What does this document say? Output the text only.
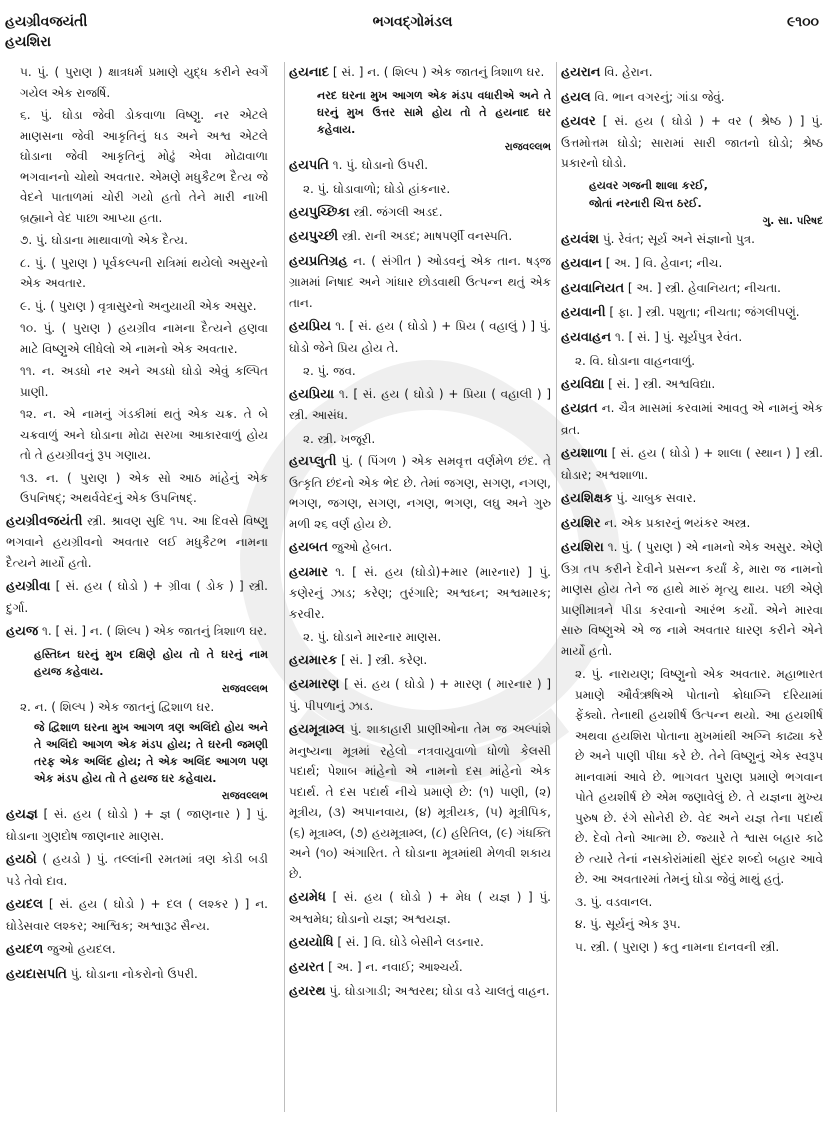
હયગ્રીવજયંતી
હયશિરા
ભગવદ્ગોમંડલ	૯૧૦૦
૫. પું. ( પુરાણ ) ક્ષાત્રધર્મ પ્રમાણે યુદ્ધ કરીને સ્વર્ગે ગયેલ એક રાજર્ષિ.
૬. પું. ઘોડા જેવી ડોકવાળા વિષ્ણુ. નર એટલે માણસના જેવી આકૃતિનું ધડ અને અશ્વ એટલે ઘોડાના જેવી આકૃતિનું મોઢું એવા મોઢાવાળા ભગવાનનો ચોથો અવતાર. એમણે મધુકૈટભ દૈત્ય જે વેદને પાતાળમાં ચોરી ગયો હતો તેને મારી નાખી બ્રહ્માને વેદ પાછા આપ્યા હતા.
૭. પું. ઘોડાના માથાવાળો એક દૈત્ય.
૮. પું. ( પુરાણ ) પૂર્વકલ્પની રાત્રિમાં થયેલો અસુરનો એક અવતાર.
૯. પું. ( પુરાણ ) વૃત્રાસુરનો અનુયાયી એક અસુર.
૧૦. પું. ( પુરાણ ) હયગ્રીવ નામના દૈત્યને હણવા માટે વિષ્ણુએ લીધેલો એ નામનો એક અવતાર.
૧૧. ન. અડધો નર અને અડધો ઘોડો એવું કલ્પિત પ્રાણી.
૧૨. ન. એ નામનું ગંડકીમાં થતું એક ચક્ર. તે બે ચક્રવાળું અને ઘોડાના મોઢા સરખા આકારવાળું હોય તો તે હયગ્રીવનું રૂપ ગણાય.
૧૩. ન. ( પુરાણ ) એક સો આઠ માંહેનું એક ઉપનિષદ્; અથર્વવેદનું એક ઉપનિષદ્.
હયગ્રીવજયંતી સ્ત્રી. શ્રાવણ સુદિ ૧૫. આ દિવસે વિષ્ણુ ભગવાને હયગ્રીવનો અવતાર લઈ મધુકૈટભ નામના દૈત્યને માર્યો હતો.
હયગ્રીવા [ સં. હય ( ઘોડો ) + ગ્રીવા ( ડોક ) ] સ્ત્રી. દુર્ગા.
હયજ ૧. [ સં. ] ન. ( શિલ્પ ) એક જાતનું ત્રિશાળ ઘર.
હસ્તિઘ્ન ઘરનું મુખ દક્ષિણે હોય તો તે ઘરનું નામ હયજ કહેવાય.
રાજવલ્લભ
૨. ન. ( શિલ્પ ) એક જાતનું દ્વિશાળ ઘર.
જે દ્વિશાળ ઘરના મુખ આગળ ત્રણ અલિંદો હોય અને તે અલિંદો આગળ એક મંડપ હોય; તે ઘરની જમણી તરફ એક અલિંદ હોય; તે એક અલિંદ આગળ પણ એક મંડપ હોય તો તે હયજ ઘર કહેવાય.
રાજવલ્લભ
હયજ્ઞ [ સં. હય ( ઘોડો ) + જ્ઞ ( જાણનાર ) ] પું. ઘોડાના ગુણદોષ જાણનાર માણસ.
હયઠો ( હયડો ) પું. તલ્લાંની રમતમાં ત્રણ કોડી બડી પડે તેવો દાવ.
હયદલ [ સં. હય ( ઘોડો ) + દલ ( લશ્કર ) ] ન. ઘોડેસવાર લશ્કર; આશ્વિક; અશ્વારૂઢ સૈન્ય.
હયદળ જુઓ હયદલ.
હયદાસપતિ પું. ઘોડાના નોકરોનો ઉપરી.
હયનાદ [ સં. ] ન. ( શિલ્પ ) એક જાતનું ત્રિશાળ ઘર.
નરદ ઘરના મુખ આગળ એક મંડપ વધારીએ અને તે ઘરનું મુખ ઉત્તર સામે હોય તો તે હયનાદ ઘર કહેવાય.
રાજવલ્લભ
હયપતિ ૧. પું. ઘોડાનો ઉપરી.
૨. પું. ઘોડાવાળો; ઘોડો હાંકનાર.
હયપુચ્છિકા સ્ત્રી. જંગલી અડદ.
હયપુચ્છી સ્ત્રી. રાની અડદ; માષપર્ણી વનસ્પતિ.
હયપ્રતિગ્રહ ન. ( સંગીત ) ઓડવનું એક તાન. ષડ્જ ગ્રામમાં નિષાદ અને ગાંધાર છોડવાથી ઉત્પન્ન થતું એક તાન.
હયપ્રિય ૧. [ સં. હય ( ઘોડો ) + પ્રિય ( વહાલું ) ] પું. ઘોડો જેને પ્રિય હોય તે.
૨. પું. જવ.
હયપ્રિયા ૧. [ સં. હય ( ઘોડો ) + પ્રિયા ( વહાલી ) ] સ્ત્રી. આસંધ.
૨. સ્ત્રી. ખજૂરી.
હયપ્લુતી પું. ( પિંગળ ) એક સમવૃત્ત વર્ણમેળ છંદ. તે ઉત્કૃતિ છંદનો એક ભેદ છે. તેમાં જગણ, સગણ, નગણ, ભગણ, જગણ, સગણ, નગણ, ભગણ, લઘુ અને ગુરુ મળી ૨૬ વર્ણ હોય છે.
હયબત જુઓ હેબત.
હયમાર ૧. [ સં. હય (ઘોડો)+માર (મારનાર) ] પું. કણેરનું ઝાડ; કરેણ; તુરંગારિ; અશ્વઘ્ન; અશ્વમારક; કરવીર.
૨. પું. ઘોડાને મારનાર માણસ.
હયમારક [ સં. ] સ્ત્રી. કરેણ.
હયમારણ [ સં. હય ( ઘોડો ) + મારણ ( મારનાર ) ] પું. પીપળાનું ઝાડ.
હયમૂત્રામ્લ પું. શાકાહારી પ્રાણીઓના તેમ જ અલ્પાંશે મનુષ્યના મૂત્રમાં રહેલો નત્રવાયુવાળો ધોળો કેલસી પદાર્થ; પેશાબ માંહેનો એ નામનો દસ માંહેનો એક પદાર્થ. તે દસ પદાર્થ નીચે પ્રમાણે છે: (૧) પાણી, (૨) મૂત્રીય, (૩) અપાનવાય, (૪) મૂત્રીયક, (૫) મૂત્રીપિક, (૬) મૂત્રામ્લ, (૭) હયમૂત્રામ્લ, (૮) હરિતિલ, (૯) ગંધક્તિ અને (૧૦) અંગારિત. તે ઘોડાના મૂત્રમાંથી મેળવી શકાય છે.
હયમેધ [ સં. હય ( ઘોડો ) + મેધ ( યજ્ઞ ) ] પું. અશ્વમેધ; ઘોડાનો યજ્ઞ; અશ્વયજ્ઞ.
હયયોધિ [ સં. ] વિ. ઘોડે બેસીને લડનાર.
હયરત [ અ. ] ન. નવાઈ; આશ્ચર્ય.
હયરથ પું. ઘોડાગાડી; અશ્વરથ; ઘોડા વડે ચાલતું વાહન.
હયરાન વિ. હેરાન.
હયલ વિ. ભાન વગરનું; ગાંડા જેવું.
હયવર [ સં. હય ( ઘોડો ) + વર ( શ્રેષ્ઠ ) ] પું. ઉત્તમોત્તમ ઘોડો; સારામાં સારી જાતનો ઘોડો; શ્રેષ્ઠ પ્રકારનો ઘોડો.
હયવર ગજની શાલા કરઈ,
જોતાં નરનારી ચિત્ત ઠરઈ.
ગુ. સા. પરિષદ
હયવંશ પું. રેવંત; સૂર્ય અને સંજ્ઞાનો પુત્ર.
હયવાન [ અ. ] વિ. હેવાન; નીચ.
હયવાનિયત [ અ. ] સ્ત્રી. હેવાનિયત; નીચતા.
હયવાની [ ફા. ] સ્ત્રી. પશુતા; નીચતા; જંગલીપણું.
હયવાહન ૧. [ સં. ] પું. સૂર્યપુત્ર રેવંત.
૨. વિ. ઘોડાના વાહનવાળું.
હયવિદ્યા [ સં. ] સ્ત્રી. અશ્વવિદ્યા.
હયવ્રત ન. ચૈત્ર માસમાં કરવામાં આવતુ એ નામનું એક વ્રત.
હયશાળા [ સં. હય ( ઘોડો ) + શાલા ( સ્થાન ) ] સ્ત્રી. ઘોડાર; અશ્વશાળા.
હયશિક્ષક પું. ચાબુક સવાર.
હયશિર ન. એક પ્રકારનું ભયંકર અસ્ત્ર.
હયશિરા ૧. પું. ( પુરાણ ) એ નામનો એક અસુર. એણે ઉગ્ર તપ કરીને દેવીને પ્રસન્ન કર્યાં કે, મારા જ નામનો માણસ હોય તેને જ હાથે મારું મૃત્યુ થાય. પછી એણે પ્રાણીમાત્રને પીડા કરવાનો આરંભ કર્યો. એને મારવા સારુ વિષ્ણુએ એ જ નામે અવતાર ધારણ કરીને એને માર્યો હતો.
૨. પું. નારાયણ; વિષ્ણુનો એક અવતાર. મહાભારત પ્રમાણે ઔર્વઋષિએ પોતાનો ક્રોધાગ્નિ દરિયામાં ફેંક્યો. તેનાથી હયશીર્ષ ઉત્પન્ન થયો. આ હયશીર્ષ અથવા હયશિરા પોતાના મુખમાંથી અગ્નિ કાઢ્યા કરે છે અને પાણી પીધા કરે છે. તેને વિષ્ણુનું એક સ્વરૂપ માનવામાં આવે છે. ભાગવત પુરાણ પ્રમાણે ભગવાન પોતે હયશીર્ષ છે એમ જણાવેલું છે. તે યજ્ઞના મુખ્ય પુરુષ છે. રંગે સોનેરી છે. વેદ અને યજ્ઞ તેના પદાર્થ છે. દેવો તેનો આત્મા છે. જ્યારે તે શ્વાસ બહાર કાઢે છે ત્યારે તેનાં નસકોરાંમાંથી સુંદર શબ્દો બહાર આવે છે. આ અવતારમાં તેમનું ઘોડા જેવું માથું હતું.
૩. પું. વડવાનલ.
૪. પું. સૂર્યનું એક રૂપ.
૫. સ્ત્રી. ( પુરાણ ) ક્રતુ નામના દાનવની સ્ત્રી.
